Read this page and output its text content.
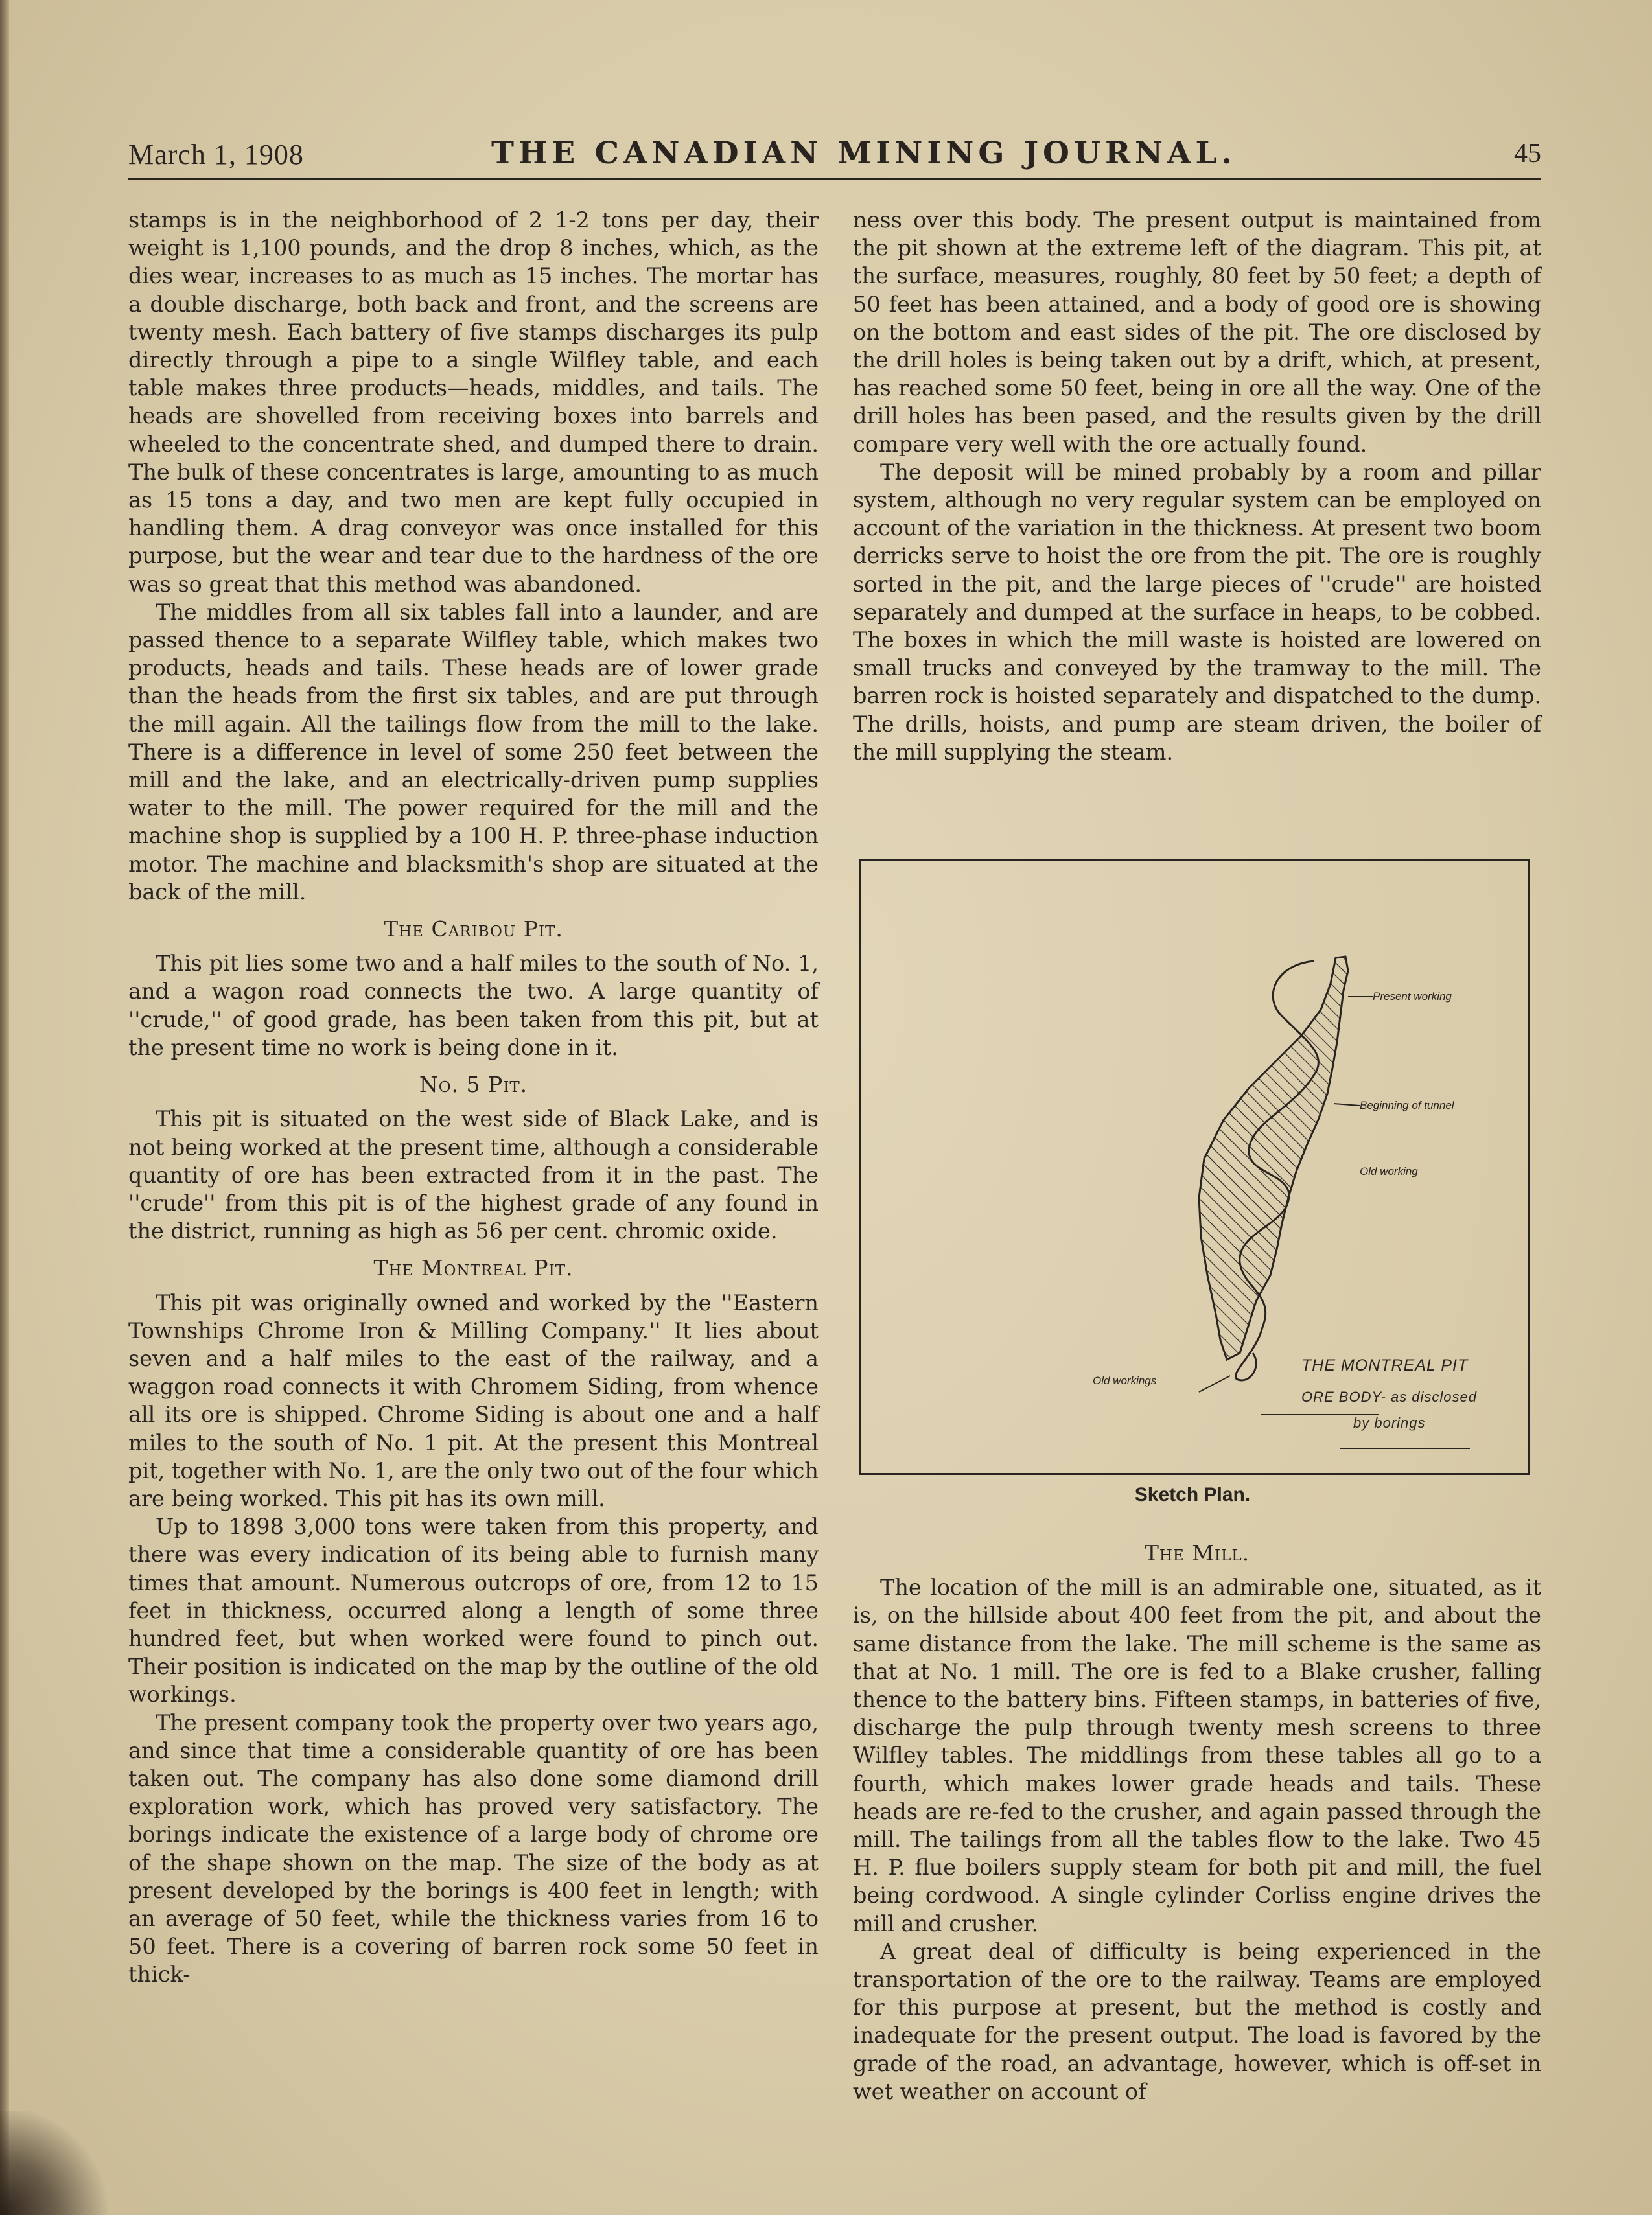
March 1, 1908	THE CANADIAN MINING JOURNAL.	45

stamps is in the neighborhood of 2 1-2 tons per day, their weight is 1,100 pounds, and the drop 8 inches, which, as the dies wear, increases to as much as 15 inches. The mortar has a double discharge, both back and front, and the screens are twenty mesh. Each battery of five stamps discharges its pulp directly through a pipe to a single Wilfley table, and each table makes three products—heads, middles, and tails. The heads are shovelled from receiving boxes into barrels and wheeled to the concentrate shed, and dumped there to drain. The bulk of these concentrates is large, amounting to as much as 15 tons a day, and two men are kept fully occupied in handling them. A drag conveyor was once installed for this purpose, but the wear and tear due to the hardness of the ore was so great that this method was abandoned.

The middles from all six tables fall into a launder, and are passed thence to a separate Wilfley table, which makes two products, heads and tails. These heads are of lower grade than the heads from the first six tables, and are put through the mill again. All the tailings flow from the mill to the lake. There is a difference in level of some 250 feet between the mill and the lake, and an electrically-driven pump supplies water to the mill. The power required for the mill and the machine shop is supplied by a 100 H. P. three-phase induction motor. The machine and blacksmith's shop are situated at the back of the mill.

The Caribou Pit.

This pit lies some two and a half miles to the south of No. 1, and a wagon road connects the two. A large quantity of ''crude,'' of good grade, has been taken from this pit, but at the present time no work is being done in it.

No. 5 Pit.

This pit is situated on the west side of Black Lake, and is not being worked at the present time, although a considerable quantity of ore has been extracted from it in the past. The ''crude'' from this pit is of the highest grade of any found in the district, running as high as 56 per cent. chromic oxide.

The Montreal Pit.

This pit was originally owned and worked by the ''Eastern Townships Chrome Iron & Milling Company.'' It lies about seven and a half miles to the east of the railway, and a waggon road connects it with Chromem Siding, from whence all its ore is shipped. Chrome Siding is about one and a half miles to the south of No. 1 pit. At the present this Montreal pit, together with No. 1, are the only two out of the four which are being worked. This pit has its own mill.

Up to 1898 3,000 tons were taken from this property, and there was every indication of its being able to furnish many times that amount. Numerous outcrops of ore, from 12 to 15 feet in thickness, occurred along a length of some three hundred feet, but when worked were found to pinch out. Their position is indicated on the map by the outline of the old workings.

The present company took the property over two years ago, and since that time a considerable quantity of ore has been taken out. The company has also done some diamond drill exploration work, which has proved very satisfactory. The borings indicate the existence of a large body of chrome ore of the shape shown on the map. The size of the body as at present developed by the borings is 400 feet in length; with an average of 50 feet, while the thickness varies from 16 to 50 feet. There is a covering of barren rock some 50 feet in thick-

ness over this body. The present output is maintained from the pit shown at the extreme left of the diagram. This pit, at the surface, measures, roughly, 80 feet by 50 feet; a depth of 50 feet has been attained, and a body of good ore is showing on the bottom and east sides of the pit. The ore disclosed by the drill holes is being taken out by a drift, which, at present, has reached some 50 feet, being in ore all the way. One of the drill holes has been pased, and the results given by the drill compare very well with the ore actually found.

The deposit will be mined probably by a room and pillar system, although no very regular system can be employed on account of the variation in the thickness. At present two boom derricks serve to hoist the ore from the pit. The ore is roughly sorted in the pit, and the large pieces of ''crude'' are hoisted separately and dumped at the surface in heaps, to be cobbed. The boxes in which the mill waste is hoisted are lowered on small trucks and conveyed by the tramway to the mill. The barren rock is hoisted separately and dispatched to the dump. The drills, hoists, and pump are steam driven, the boiler of the mill supplying the steam.

Present working
Beginning of tunnel
Old working
Old workings
THE MONTREAL PIT
ORE BODY- as disclosed
by borings
Sketch Plan.
The Mill.

The location of the mill is an admirable one, situated, as it is, on the hillside about 400 feet from the pit, and about the same distance from the lake. The mill scheme is the same as that at No. 1 mill. The ore is fed to a Blake crusher, falling thence to the battery bins. Fifteen stamps, in batteries of five, discharge the pulp through twenty mesh screens to three Wilfley tables. The middlings from these tables all go to a fourth, which makes lower grade heads and tails. These heads are re-fed to the crusher, and again passed through the mill. The tailings from all the tables flow to the lake. Two 45 H. P. flue boilers supply steam for both pit and mill, the fuel being cordwood. A single cylinder Corliss engine drives the mill and crusher.

A great deal of difficulty is being experienced in the transportation of the ore to the railway. Teams are employed for this purpose at present, but the method is costly and inadequate for the present output. The load is favored by the grade of the road, an advantage, however, which is off-set in wet weather on account of
